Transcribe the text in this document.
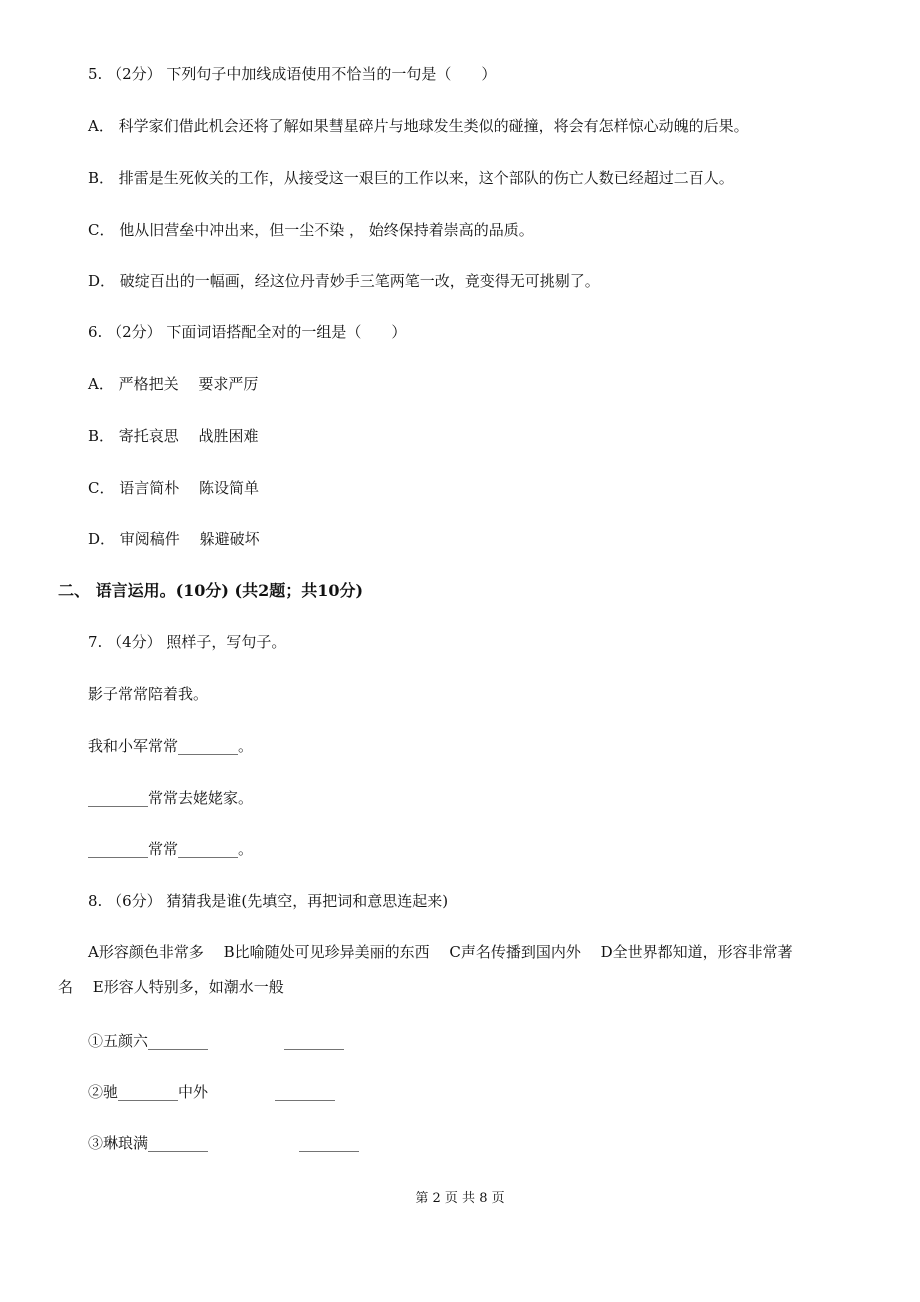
5. （2分） 下列句子中加线成语使用不恰当的一句是（　　）
A． 科学家们借此机会还将了解如果彗星碎片与地球发生类似的碰撞，将会有怎样惊心动魄的后果。
B． 排雷是生死攸关的工作，从接受这一艰巨的工作以来，这个部队的伤亡人数已经超过二百人。
C． 他从旧营垒中冲出来，但一尘不染 ， 始终保持着崇高的品质。
D． 破绽百出的一幅画，经这位丹青妙手三笔两笔一改，竟变得无可挑剔了。
6. （2分） 下面词语搭配全对的一组是（　　）
A． 严格把关　 要求严厉
B． 寄托哀思　 战胜困难
C． 语言简朴　 陈设简单
D． 审阅稿件　 躲避破坏
二、 语言运用。(10分) (共2题；共10分)
7. （4分） 照样子，写句子。
影子常常陪着我。
我和小军常常________。
________常常去姥姥家。
________常常________。
8. （6分） 猜猜我是谁(先填空，再把词和意思连起来)
A形容颜色非常多　 B比喻随处可见珍异美丽的东西　 C声名传播到国内外　 D全世界都知道，形容非常著
名　 E形容人特别多，如潮水一般
①五颜六________	________
②驰________中外	________
③琳琅满________	________
第 2 页 共 8 页
